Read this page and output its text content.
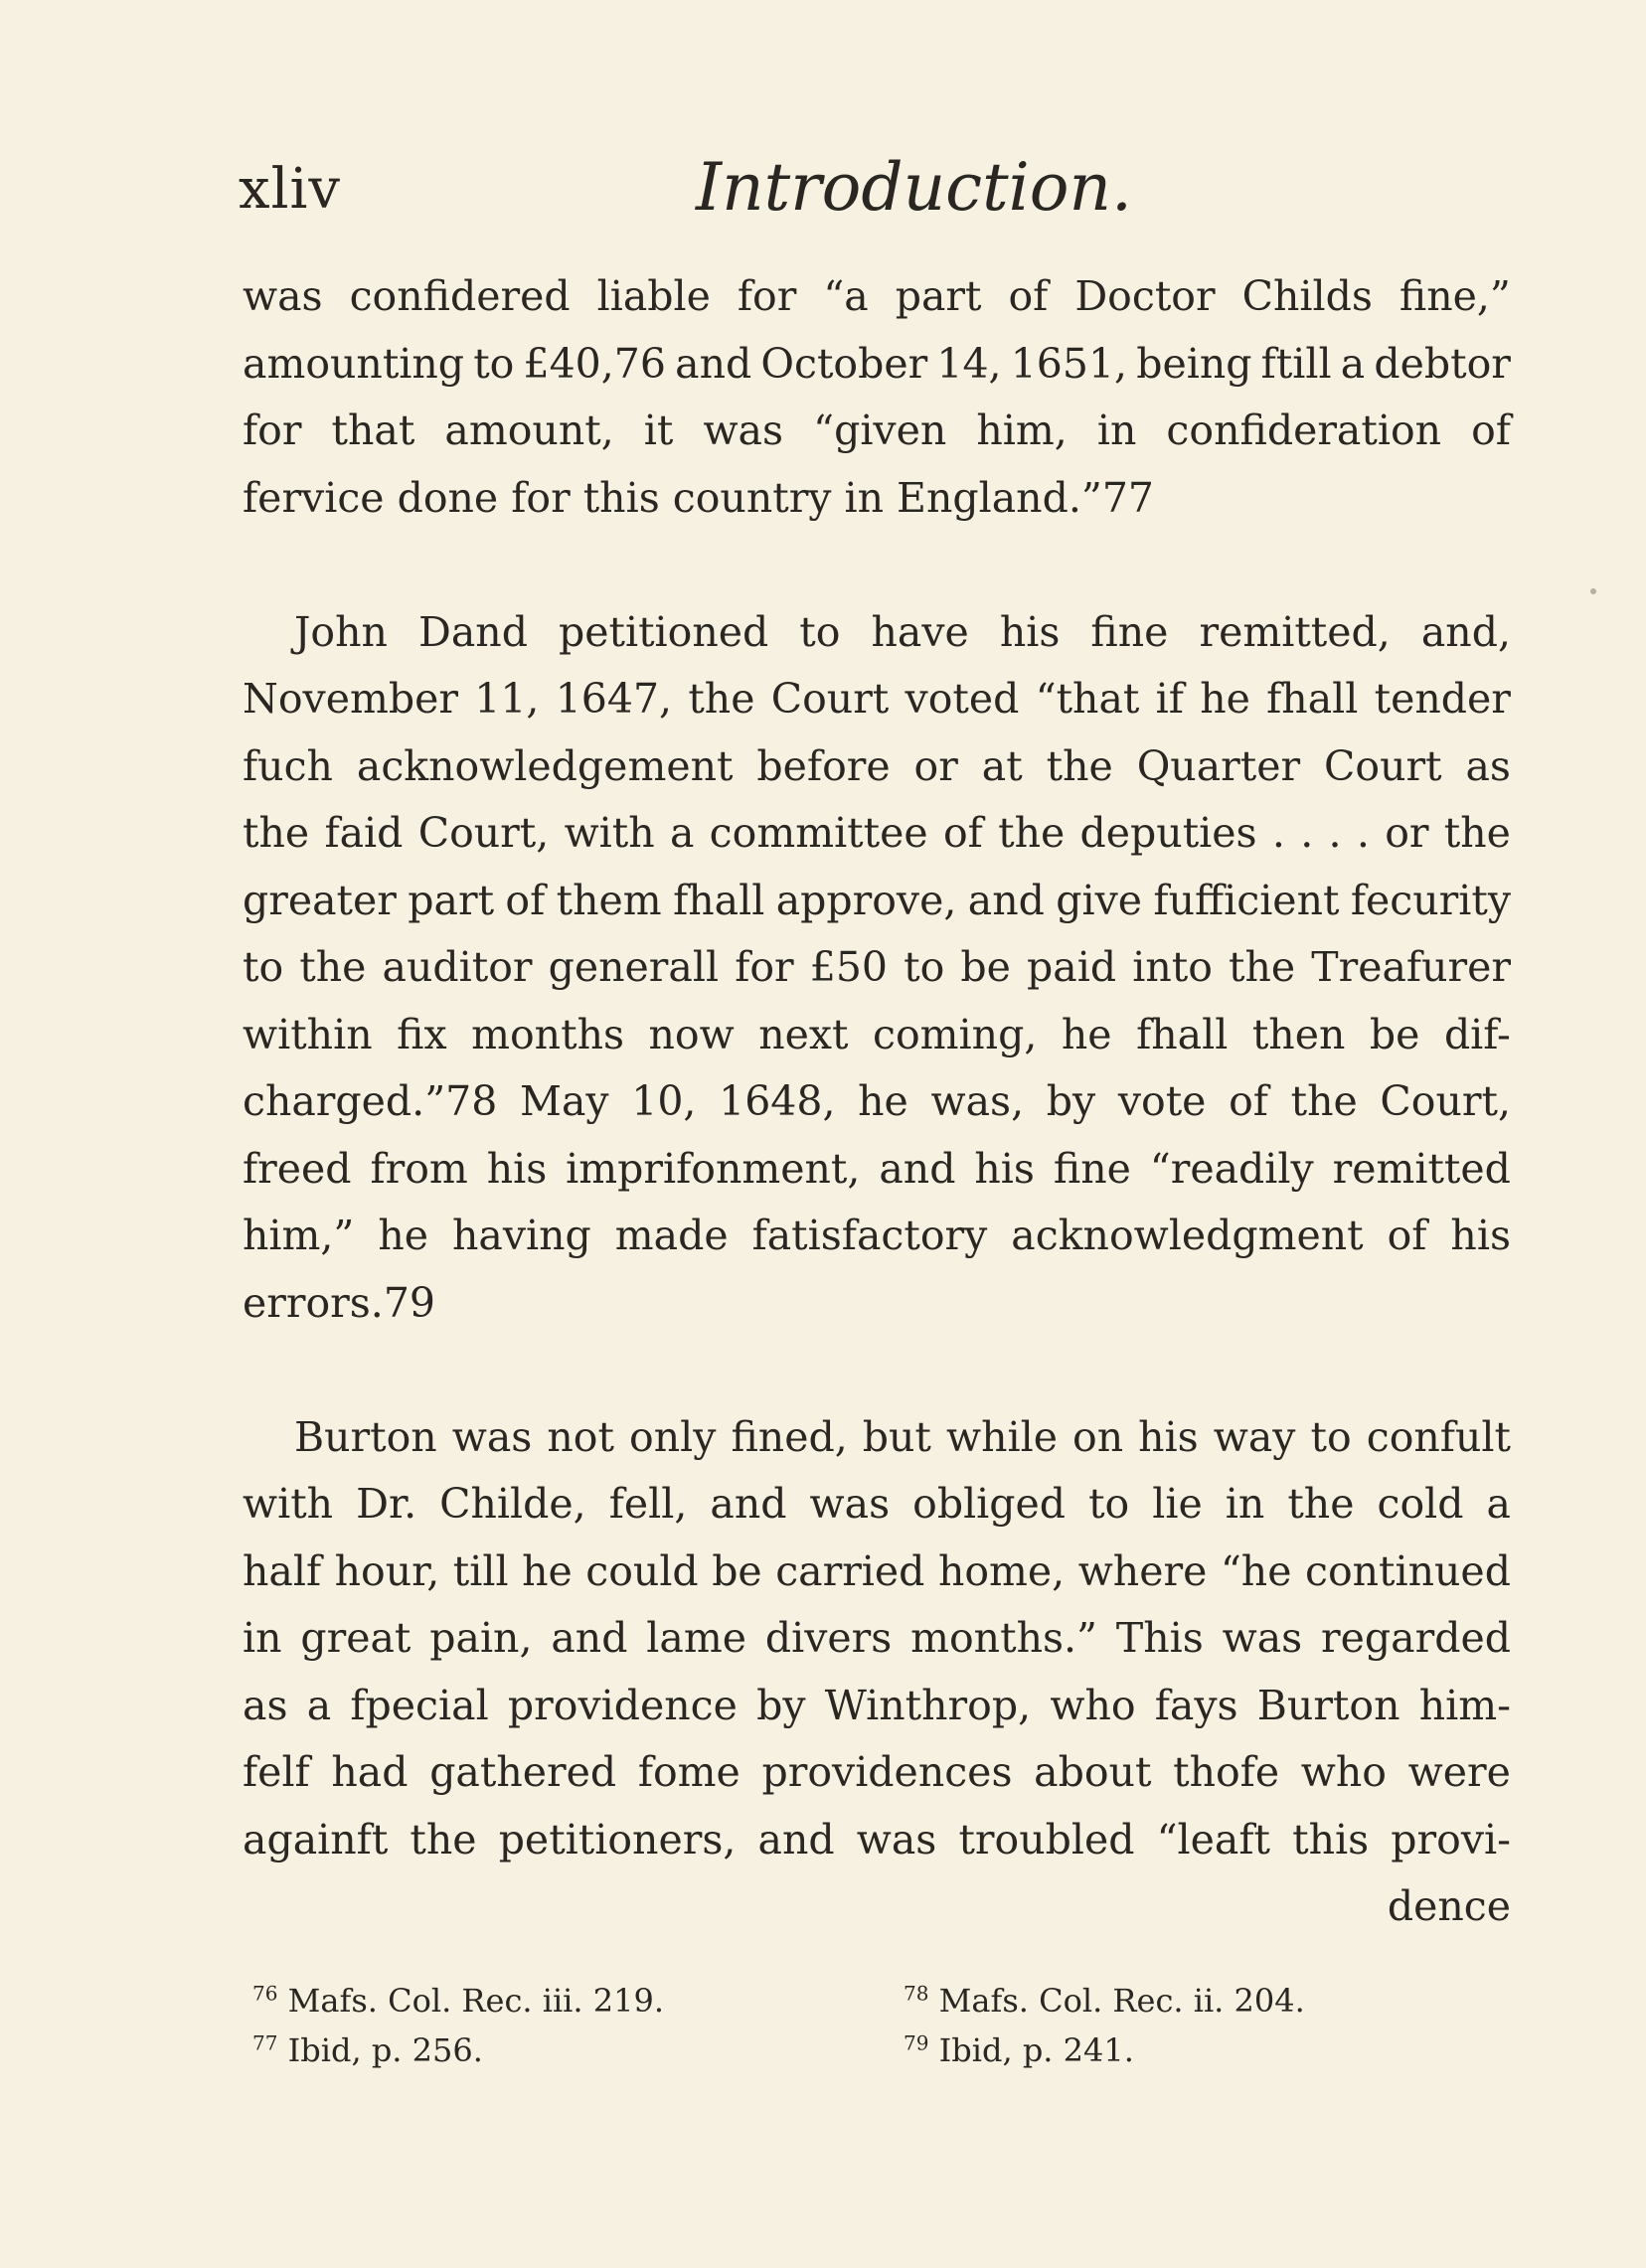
xliv	Introduction.
was confidered liable for “a part of Doctor Childs fine,”
amounting to £40,76 and October 14, 1651, being ftill a debtor
for that amount, it was “given him, in confideration of
fervice done for this country in England.”77
John Dand petitioned to have his fine remitted, and,
November 11, 1647, the Court voted “that if he fhall tender
fuch acknowledgement before or at the Quarter Court as
the faid Court, with a committee of the deputies . . . . or the
greater part of them fhall approve, and give fufficient fecurity
to the auditor generall for £50 to be paid into the Treafurer
within fix months now next coming, he fhall then be dif-
charged.”78 May 10, 1648, he was, by vote of the Court,
freed from his imprifonment, and his fine “readily remitted
him,” he having made fatisfactory acknowledgment of his
errors.79
Burton was not only fined, but while on his way to confult
with Dr. Childe, fell, and was obliged to lie in the cold a
half hour, till he could be carried home, where “he continued
in great pain, and lame divers months.” This was regarded
as a fpecial providence by Winthrop, who fays Burton him-
felf had gathered fome providences about thofe who were
againft the petitioners, and was troubled “leaft this provi-
dence
$^{76}$ Mafs. Col. Rec. iii. 219.
$^{77}$ Ibid, p. 256.
$^{78}$ Mafs. Col. Rec. ii. 204.
$^{79}$ Ibid, p. 241.
